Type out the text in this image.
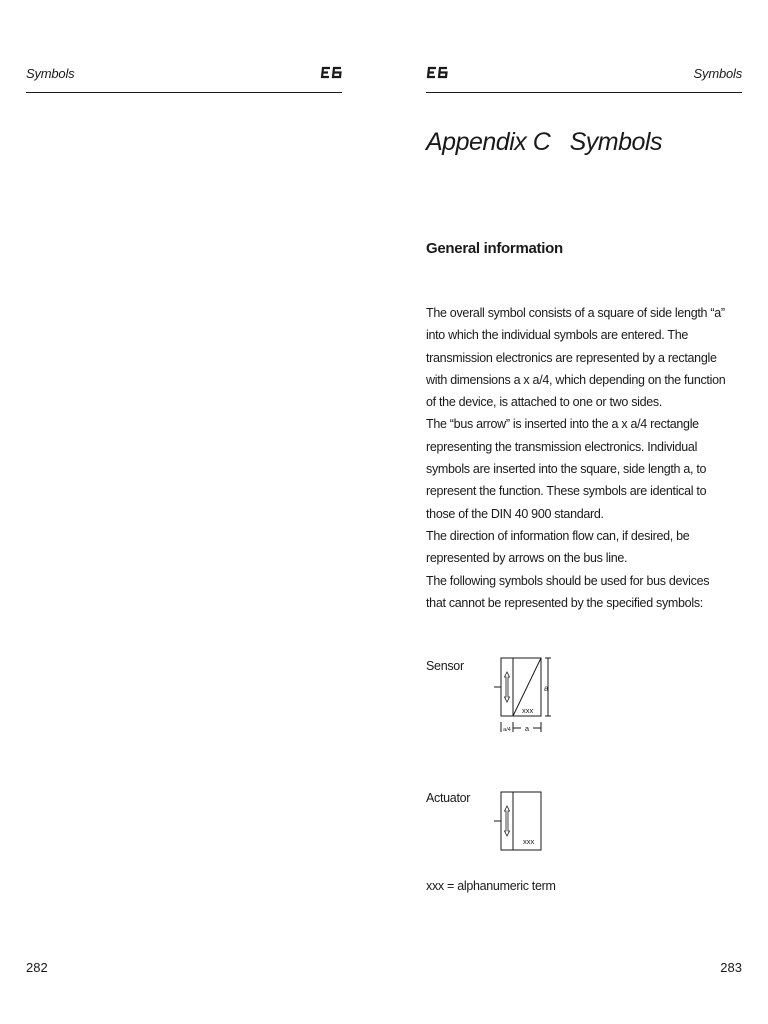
Symbols
282
Symbols
Appendix C   Symbols
General information

The overall symbol consists of a square of side length “a” into which the individual symbols are entered. The transmission electronics are represented by a rectangle with dimensions a x a/4, which depending on the function of the device, is attached to one or two sides.

The “bus arrow” is inserted into the a x a/4 rectangle representing the transmission electronics. Individual symbols are inserted into the square, side length a, to represent the function. These symbols are identical to those of the DIN 40 900 standard.

The direction of information flow can, if desired, be represented by arrows on the bus line.

The following symbols should be used for bus devices that cannot be represented by the specified symbols:

Sensor
a
xxx
a/4 a
Actuator
xxx
xxx = alphanumeric term
283
